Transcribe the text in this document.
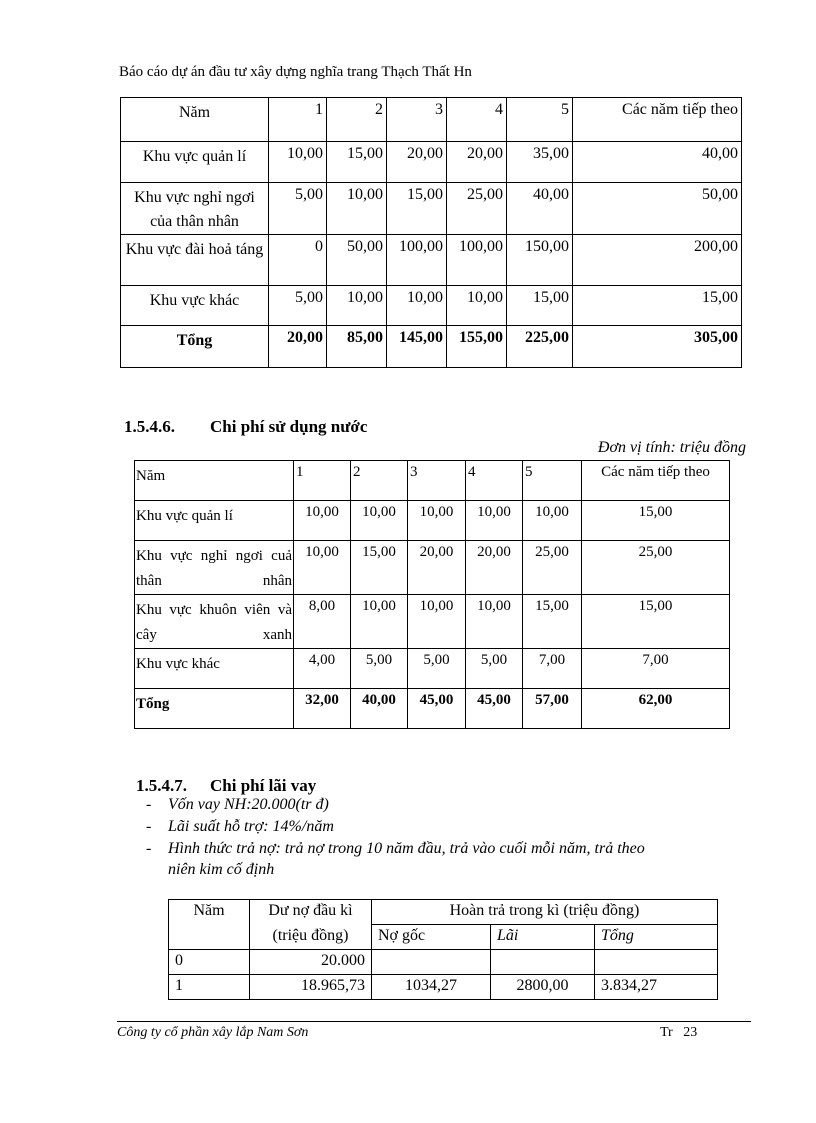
Báo cáo dự án đầu tư xây dựng nghĩa trang Thạch Thất Hn
Năm	1	2	3	4	5	Các năm tiếp theo
Khu vực quản lí	10,00	15,00	20,00	20,00	35,00	40,00
Khu vực nghỉ ngơi của thân nhân	5,00	10,00	15,00	25,00	40,00	50,00
Khu vực đài hoả táng	0	50,00	100,00	100,00	150,00	200,00
Khu vực khác	5,00	10,00	10,00	10,00	15,00	15,00
Tổng	20,00	85,00	145,00	155,00	225,00	305,00
1.5.4.6. Chi phí sử dụng nước
Đơn vị tính: triệu đồng
Năm	1	2	3	4	5	Các năm tiếp theo
Khu vực quản lí	10,00	10,00	10,00	10,00	10,00	15,00
Khu vực nghỉ ngơi cuả thân nhân	10,00	15,00	20,00	20,00	25,00	25,00
Khu vực khuôn viên và cây xanh	8,00	10,00	10,00	10,00	15,00	15,00
Khu vực khác	4,00	5,00	5,00	5,00	7,00	7,00
Tổng	32,00	40,00	45,00	45,00	57,00	62,00
1.5.4.7. Chi phí lãi vay
- Vốn vay NH:20.000(tr đ)
- Lãi suất hỗ trợ: 14%/năm
- Hình thức trả nợ: trả nợ trong 10 năm đầu, trả vào cuối mỗi năm, trả theo
niên kim cố định
Năm	Dư nợ đầu kì	Hoàn trả trong kì (triệu đồng)		
	(triệu đồng)	Nợ gốc	Lãi	Tổng
0	20.000			
1	18.965,73	1034,27	2800,00	3.834,27
Công ty cổ phần xây lắp Nam Sơn	Tr   23
